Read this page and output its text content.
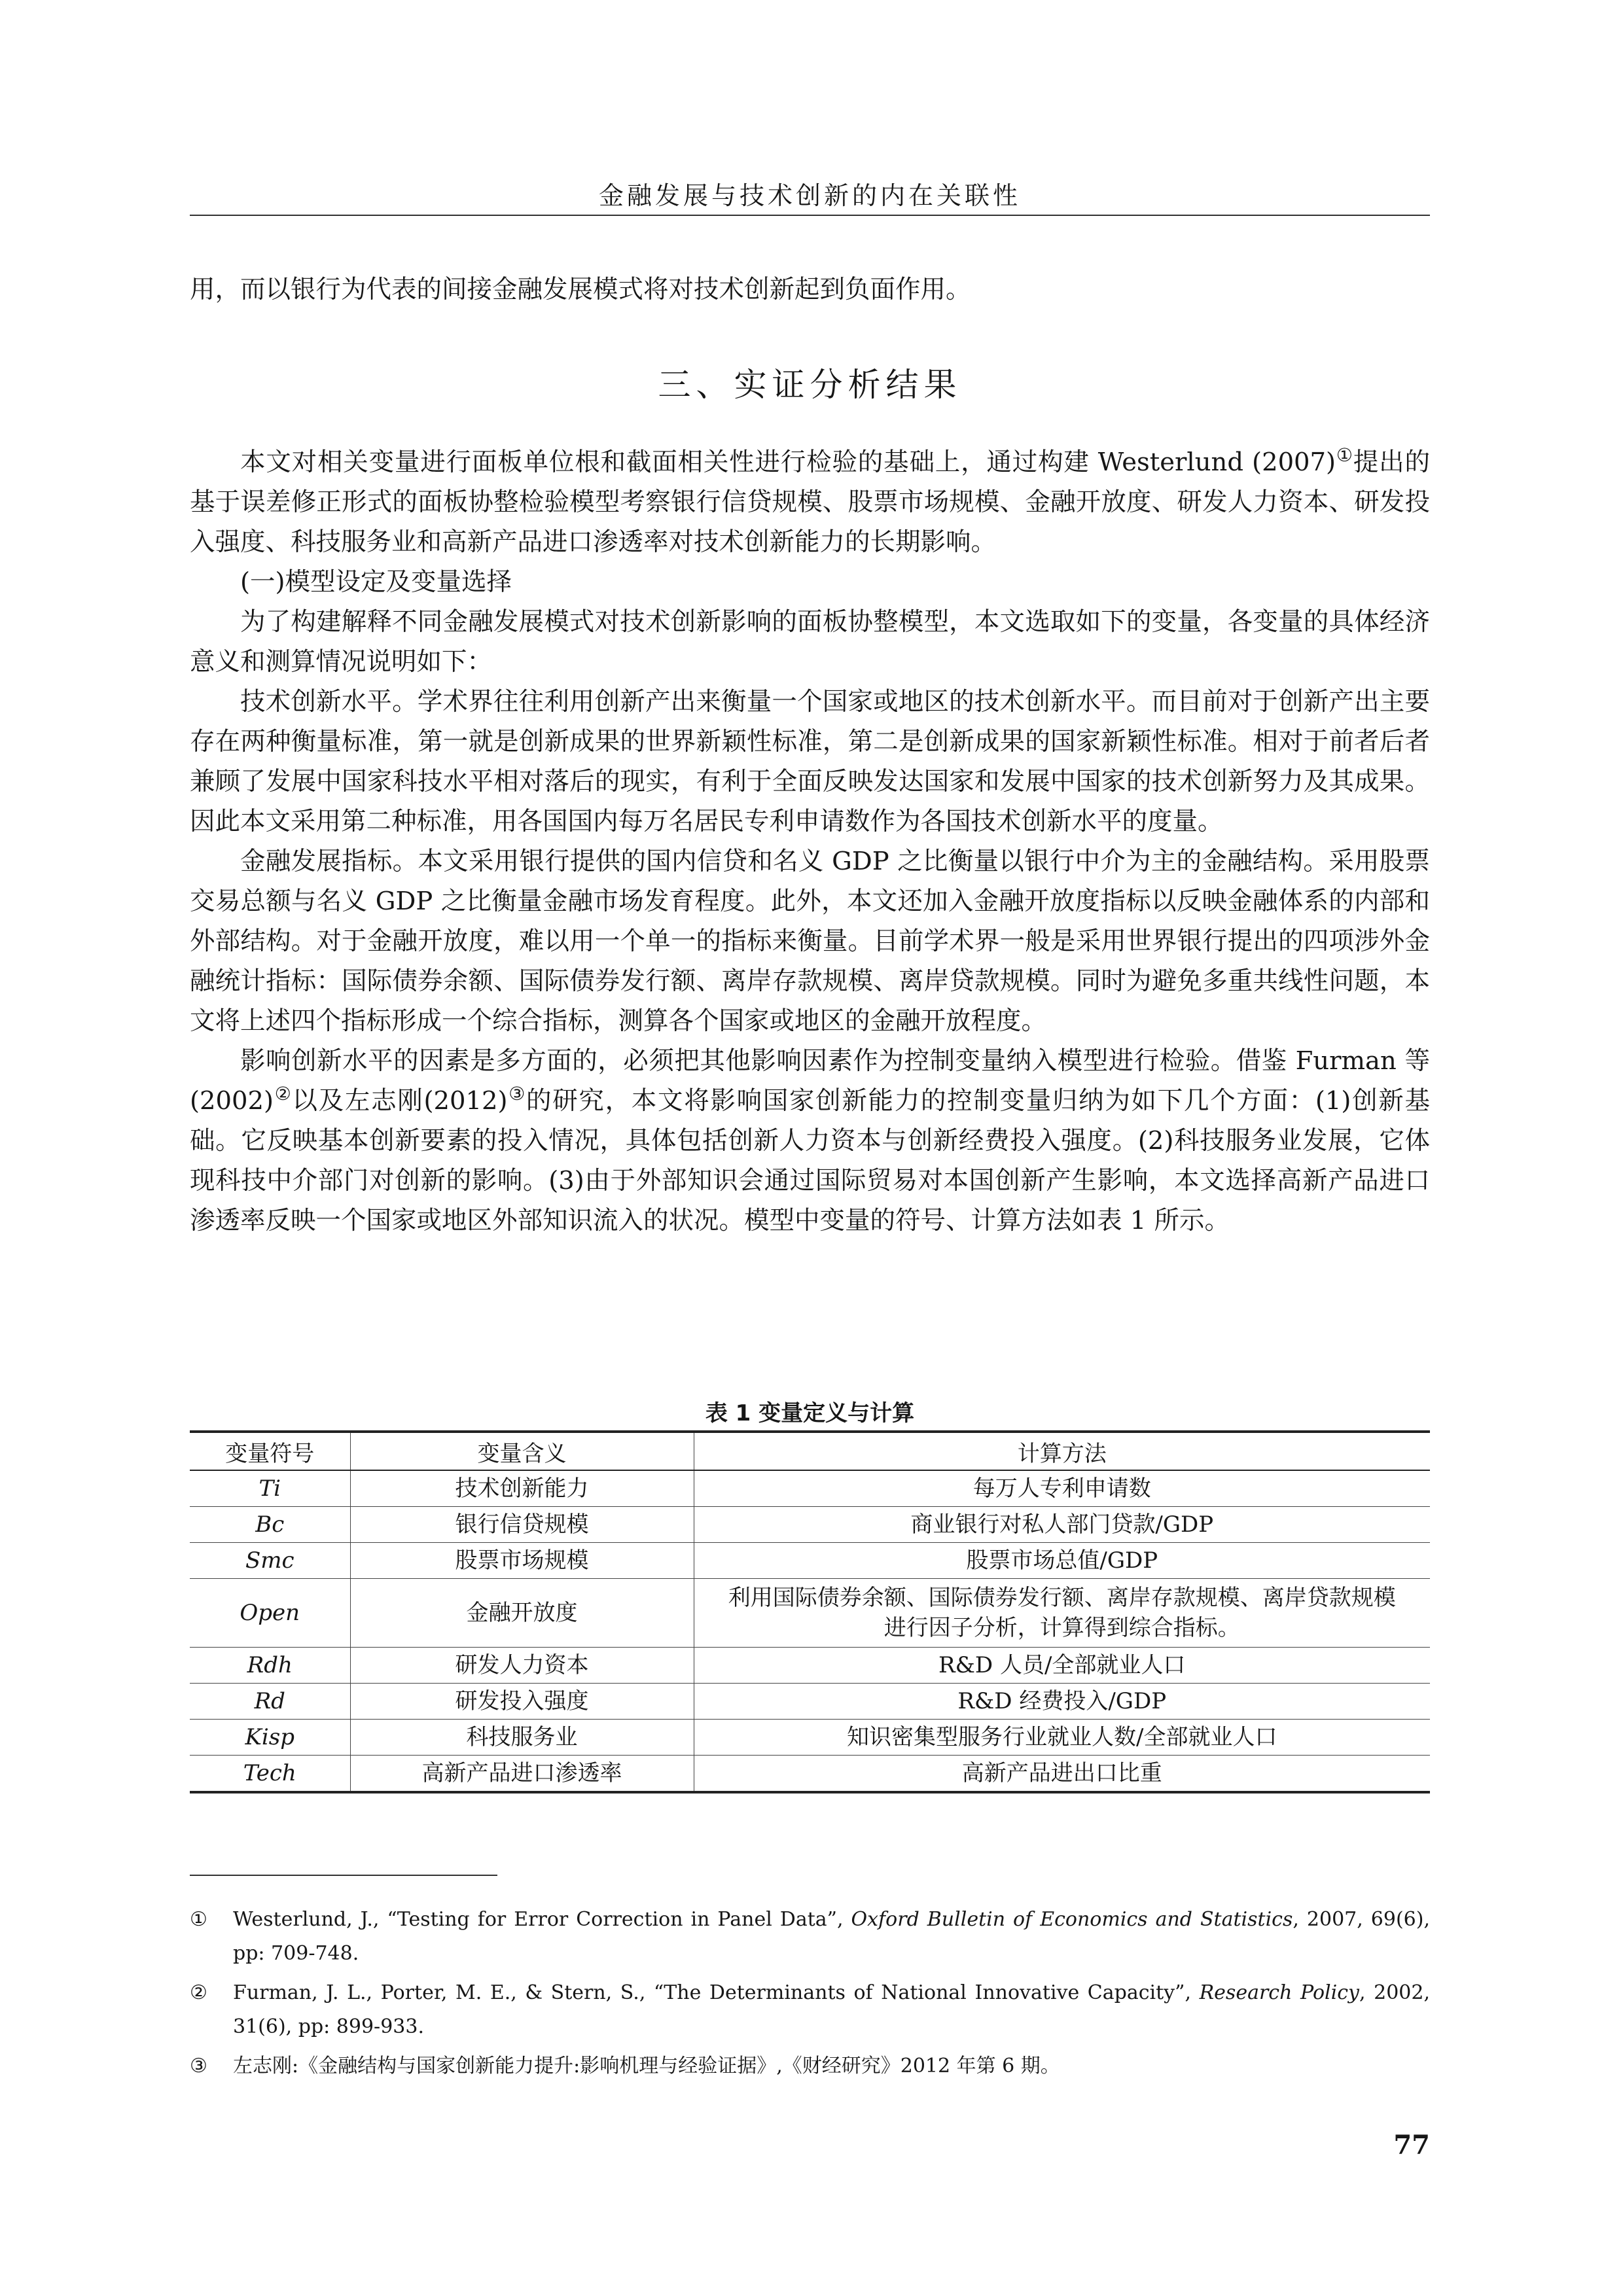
金融发展与技术创新的内在关联性

用，而以银行为代表的间接金融发展模式将对技术创新起到负面作用。

三、实证分析结果

本文对相关变量进行面板单位根和截面相关性进行检验的基础上，通过构建 Westerlund (2007)①提出的基于误差修正形式的面板协整检验模型考察银行信贷规模、股票市场规模、金融开放度、研发人力资本、研发投入强度、科技服务业和高新产品进口渗透率对技术创新能力的长期影响。

(一)模型设定及变量选择

为了构建解释不同金融发展模式对技术创新影响的面板协整模型，本文选取如下的变量，各变量的具体经济意义和测算情况说明如下：

技术创新水平。学术界往往利用创新产出来衡量一个国家或地区的技术创新水平。而目前对于创新产出主要存在两种衡量标准，第一就是创新成果的世界新颖性标准，第二是创新成果的国家新颖性标准。相对于前者后者兼顾了发展中国家科技水平相对落后的现实，有利于全面反映发达国家和发展中国家的技术创新努力及其成果。因此本文采用第二种标准，用各国国内每万名居民专利申请数作为各国技术创新水平的度量。

金融发展指标。本文采用银行提供的国内信贷和名义 GDP 之比衡量以银行中介为主的金融结构。采用股票交易总额与名义 GDP 之比衡量金融市场发育程度。此外，本文还加入金融开放度指标以反映金融体系的内部和外部结构。对于金融开放度，难以用一个单一的指标来衡量。目前学术界一般是采用世界银行提出的四项涉外金融统计指标：国际债券余额、国际债券发行额、离岸存款规模、离岸贷款规模。同时为避免多重共线性问题，本文将上述四个指标形成一个综合指标，测算各个国家或地区的金融开放程度。

影响创新水平的因素是多方面的，必须把其他影响因素作为控制变量纳入模型进行检验。借鉴 Furman 等(2002)②以及左志刚(2012)③的研究，本文将影响国家创新能力的控制变量归纳为如下几个方面：(1)创新基础。它反映基本创新要素的投入情况，具体包括创新人力资本与创新经费投入强度。(2)科技服务业发展，它体现科技中介部门对创新的影响。(3)由于外部知识会通过国际贸易对本国创新产生影响，本文选择高新产品进口渗透率反映一个国家或地区外部知识流入的状况。模型中变量的符号、计算方法如表 1 所示。

表 1 变量定义与计算
变量符号	变量含义	计算方法
Ti	技术创新能力	每万人专利申请数
Bc	银行信贷规模	商业银行对私人部门贷款/GDP
Smc	股票市场规模	股票市场总值/GDP
Open	金融开放度	利用国际债券余额、国际债券发行额、离岸存款规模、离岸贷款规模
进行因子分析，计算得到综合指标。

Rdh	研发人力资本	R&D 人员/全部就业人口
Rd	研发投入强度	R&D 经费投入/GDP
Kisp	科技服务业	知识密集型服务行业就业人数/全部就业人口
Tech	高新产品进口渗透率	高新产品进出口比重
①	Westerlund, J., “Testing for Error Correction in Panel Data”, Oxford Bulletin of Economics and Statistics, 2007, 69(6), pp: 709-748.
②	Furman, J. L., Porter, M. E., & Stern, S., “The Determinants of National Innovative Capacity”, Research Policy, 2002, 31(6), pp: 899-933.
③	左志刚:《金融结构与国家创新能力提升:影响机理与经验证据》,《财经研究》2012 年第 6 期。
77
